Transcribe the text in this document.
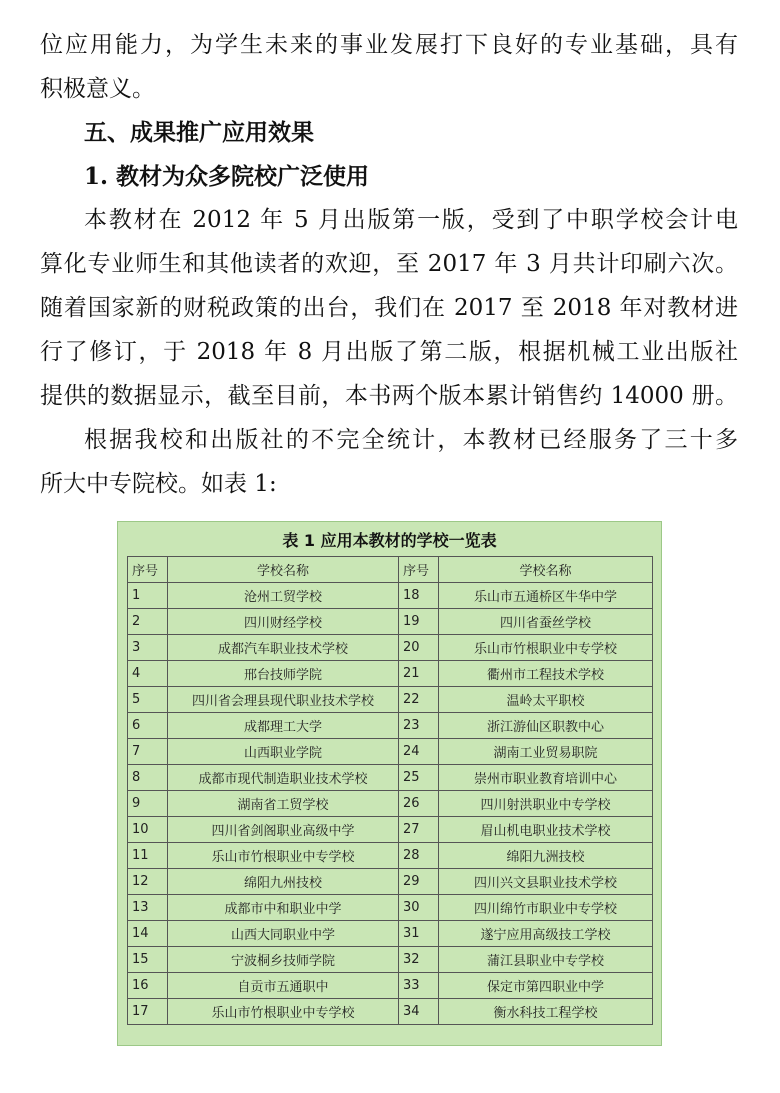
位应用能力，为学生未来的事业发展打下良好的专业基础，具有
积极意义。
五、成果推广应用效果
1. 教材为众多院校广泛使用
本教材在 2012 年 5 月出版第一版，受到了中职学校会计电
算化专业师生和其他读者的欢迎，至 2017 年 3 月共计印刷六次。
随着国家新的财税政策的出台，我们在 2017 至 2018 年对教材进
行了修订，于 2018 年 8 月出版了第二版，根据机械工业出版社
提供的数据显示，截至目前，本书两个版本累计销售约 14000 册。
根据我校和出版社的不完全统计，本教材已经服务了三十多
所大中专院校。如表 1:
表 1 应用本教材的学校一览表
序号	学校名称	序号	学校名称
1	沧州工贸学校	18	乐山市五通桥区牛华中学
2	四川财经学校	19	四川省蚕丝学校
3	成都汽车职业技术学校	20	乐山市竹根职业中专学校
4	邢台技师学院	21	衢州市工程技术学校
5	四川省会理县现代职业技术学校	22	温岭太平职校
6	成都理工大学	23	浙江游仙区职教中心
7	山西职业学院	24	湖南工业贸易职院
8	成都市现代制造职业技术学校	25	崇州市职业教育培训中心
9	湖南省工贸学校	26	四川射洪职业中专学校
10	四川省剑阁职业高级中学	27	眉山机电职业技术学校
11	乐山市竹根职业中专学校	28	绵阳九洲技校
12	绵阳九州技校	29	四川兴文县职业技术学校
13	成都市中和职业中学	30	四川绵竹市职业中专学校
14	山西大同职业中学	31	遂宁应用高级技工学校
15	宁波桐乡技师学院	32	蒲江县职业中专学校
16	自贡市五通职中	33	保定市第四职业中学
17	乐山市竹根职业中专学校	34	衡水科技工程学校
